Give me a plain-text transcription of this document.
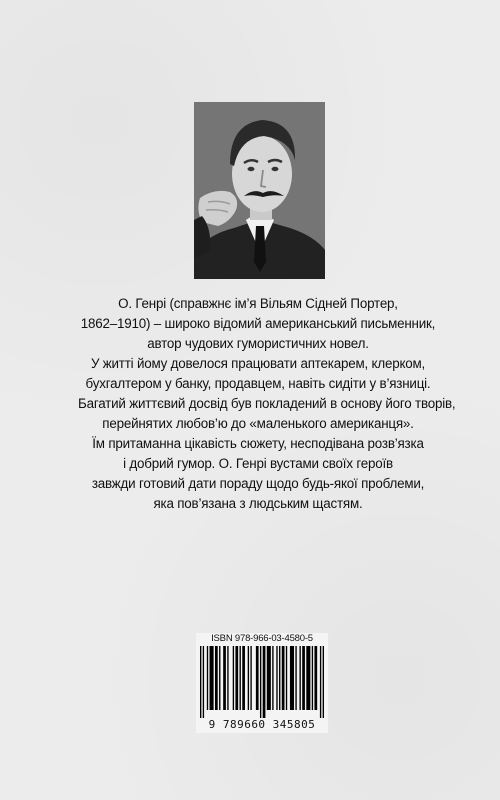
О. Генрі (справжнє ім’я Вільям Сідней Портер,
1862–1910) – широко відомий американський письменник,
автор чудових гумористичних новел.
У житті йому довелося працювати аптекарем, клерком,
бухгалтером у банку, продавцем, навіть сидіти у в’язниці.
Багатий життєвий досвід був покладений в основу його творів,
перейнятих любов’ю до «маленького американця».
Їм притаманна цікавість сюжету, несподівана розв’язка
і добрий гумор. О. Генрі вустами своїх героїв
завжди готовий дати пораду щодо будь-якої проблеми,
яка пов’язана з людським щастям.

ISBN 978-966-03-4580-5
9 789660 345805
